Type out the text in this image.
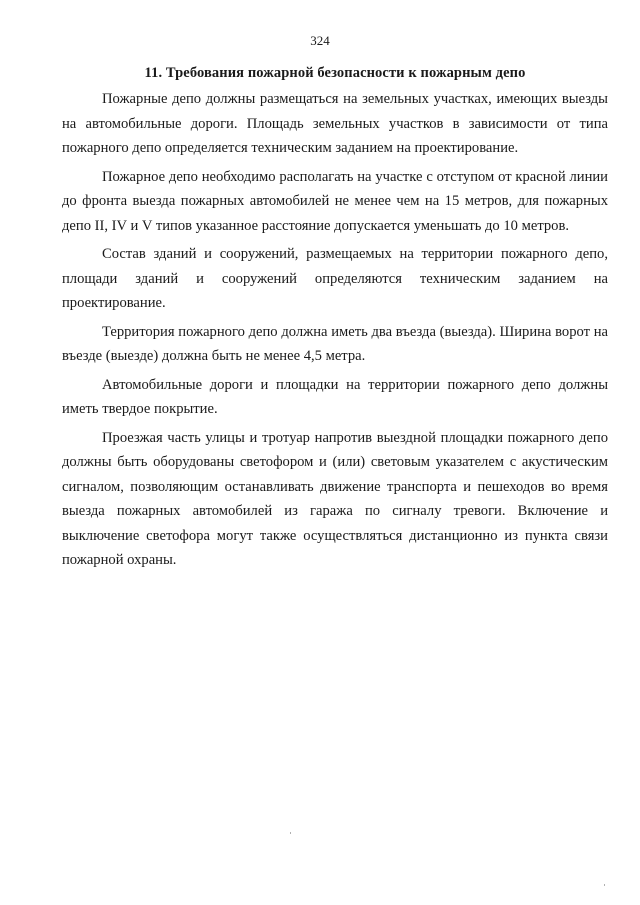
324
11. Требования пожарной безопасности к пожарным депо

Пожарные депо должны размещаться на земельных участках, имеющих выезды на автомобильные дороги. Площадь земельных участков в зависимости от типа пожарного депо определяется техническим заданием на проектирование.

Пожарное депо необходимо располагать на участке с отступом от красной линии до фронта выезда пожарных автомобилей не менее чем на 15 метров, для пожарных депо II, IV и V типов указанное расстояние допускается уменьшать до 10 метров.

Состав зданий и сооружений, размещаемых на территории пожарного депо, площади зданий и сооружений определяются техническим заданием на проектирование.

Территория пожарного депо должна иметь два въезда (выезда). Ширина ворот на въезде (выезде) должна быть не менее 4,5 метра.

Автомобильные дороги и площадки на территории пожарного депо должны иметь твердое покрытие.

Проезжая часть улицы и тротуар напротив выездной площадки пожарного депо должны быть оборудованы светофором и (или) световым указателем с акустическим сигналом, позволяющим останавливать движение транспорта и пешеходов во время выезда пожарных автомобилей из гаража по сигналу тревоги. Включение и выключение светофора могут также осуществляться дистанционно из пункта связи пожарной охраны.
